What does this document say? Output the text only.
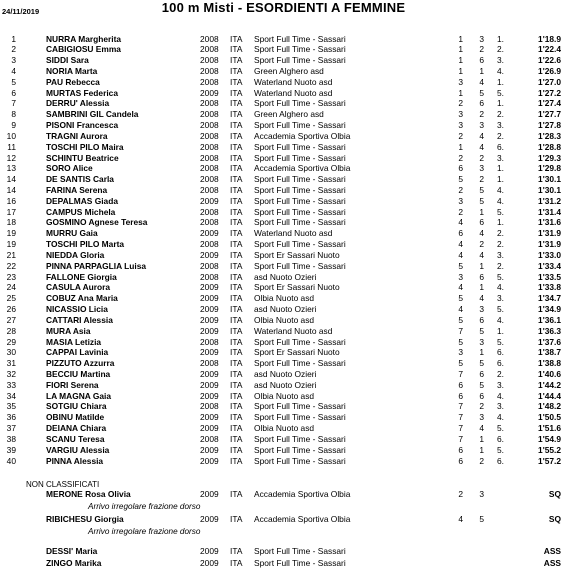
24/11/2019	100 m Misti - ESORDIENTI A FEMMINE
1	NURRA Margherita	2008 ITA Sport Full Time - Sassari	1 3 1.	1'18.9
2	CABIGIOSU Emma	2008 ITA Sport Full Time - Sassari	1 2 2.	1'22.4
3	SIDDI Sara	2008 ITA Sport Full Time - Sassari	1 6 3.	1'22.6
4	NORIA Marta	2008 ITA Green Alghero asd	1 1 4.	1'26.9
5	PAU Rebecca	2008 ITA Waterland Nuoto asd	3 4 1.	1'27.0
6	MURTAS Federica	2009 ITA Waterland Nuoto asd	1 5 5.	1'27.2
7	DERRU' Alessia	2008 ITA Sport Full Time - Sassari	2 6 1.	1'27.4
8	SAMBRINI GIL Candela	2008 ITA Green Alghero asd	3 2 2.	1'27.7
9	PISONI Francesca	2008 ITA Sport Full Time - Sassari	3 3 3.	1'27.8
10	TRAGNI Aurora	2008 ITA Accademia Sportiva Olbia	2 4 2.	1'28.3
11	TOSCHI PILO Maira	2008 ITA Sport Full Time - Sassari	1 4 6.	1'28.8
12	SCHINTU Beatrice	2008 ITA Sport Full Time - Sassari	2 2 3.	1'29.3
13	SORO Alice	2008 ITA Accademia Sportiva Olbia	6 3 1.	1'29.8
14	DE SANTIS Carla	2008 ITA Sport Full Time - Sassari	5 2 1.	1'30.1
14	FARINA Serena	2008 ITA Sport Full Time - Sassari	2 5 4.	1'30.1
16	DEPALMAS Giada	2009 ITA Sport Full Time - Sassari	3 5 4.	1'31.2
17	CAMPUS Michela	2008 ITA Sport Full Time - Sassari	2 1 5.	1'31.4
18	GOSMINO Agnese Teresa	2008 ITA Sport Full Time - Sassari	4 6 1.	1'31.6
19	MURRU Gaia	2009 ITA Waterland Nuoto asd	6 4 2.	1'31.9
19	TOSCHI PILO Marta	2008 ITA Sport Full Time - Sassari	4 2 2.	1'31.9
21	NIEDDA Gloria	2009 ITA Sport Er Sassari Nuoto	4 4 3.	1'33.0
22	PINNA PARPAGLIA Luisa	2008 ITA Sport Full Time - Sassari	5 1 2.	1'33.4
23	FALLONE Giorgia	2008 ITA asd Nuoto Ozieri	3 6 5.	1'33.5
24	CASULA Aurora	2009 ITA Sport Er Sassari Nuoto	4 1 4.	1'33.8
25	COBUZ Ana Maria	2009 ITA Olbia Nuoto asd	5 4 3.	1'34.7
26	NICASSIO Licia	2009 ITA asd Nuoto Ozieri	4 3 5.	1'34.9
27	CATTARI Alessia	2009 ITA Olbia Nuoto asd	5 6 4.	1'36.1
28	MURA Asia	2009 ITA Waterland Nuoto asd	7 5 1.	1'36.3
29	MASIA Letizia	2008 ITA Sport Full Time - Sassari	5 3 5.	1'37.6
30	CAPPAI Lavinia	2009 ITA Sport Er Sassari Nuoto	3 1 6.	1'38.7
31	PIZZUTO Azzurra	2008 ITA Sport Full Time - Sassari	5 5 6.	1'38.8
32	BECCIU Martina	2009 ITA asd Nuoto Ozieri	7 6 2.	1'40.6
33	FIORI Serena	2009 ITA asd Nuoto Ozieri	6 5 3.	1'44.2
34	LA MAGNA Gaia	2009 ITA Olbia Nuoto asd	6 6 4.	1'44.4
35	SOTGIU Chiara	2008 ITA Sport Full Time - Sassari	7 2 3.	1'48.2
36	OBINU Matilde	2009 ITA Sport Full Time - Sassari	7 3 4.	1'50.5
37	DEIANA Chiara	2009 ITA Olbia Nuoto asd	7 4 5.	1'51.6
38	SCANU Teresa	2008 ITA Sport Full Time - Sassari	7 1 6.	1'54.9
39	VARGIU Alessia	2009 ITA Sport Full Time - Sassari	6 1 5.	1'55.2
40	PINNA Alessia	2009 ITA Sport Full Time - Sassari	6 2 6.	1'57.2
NON CLASSIFICATI
MERONE Rosa Olivia	2009 ITA Accademia Sportiva Olbia	2 3	SQ
Arrivo irregolare frazione dorso
RIBICHESU Giorgia	2009 ITA Accademia Sportiva Olbia	4 5	SQ
Arrivo irregolare frazione dorso
DESSI' Maria	2009 ITA Sport Full Time - Sassari	ASS
ZINGO Marika	2009 ITA Sport Full Time - Sassari	ASS
